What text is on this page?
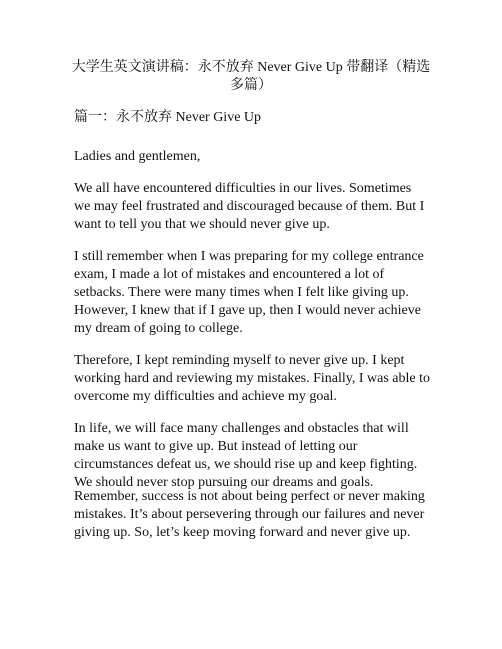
大学生英文演讲稿：永不放弃 Never Give Up 带翻译（精选多篇）
篇一：永不放弃 Never Give Up
Ladies and gentlemen,
We all have encountered difficulties in our lives. Sometimes we may feel frustrated and discouraged because of them. But I want to tell you that we should never give up.
I still remember when I was preparing for my college entrance exam, I made a lot of mistakes and encountered a lot of setbacks. There were many times when I felt like giving up. However, I knew that if I gave up, then I would never achieve my dream of going to college.
Therefore, I kept reminding myself to never give up. I kept working hard and reviewing my mistakes. Finally, I was able to overcome my difficulties and achieve my goal.
In life, we will face many challenges and obstacles that will make us want to give up. But instead of letting our circumstances defeat us, we should rise up and keep fighting. We should never stop pursuing our dreams and goals.
Remember, success is not about being perfect or never making mistakes. It’s about persevering through our failures and never giving up. So, let’s keep moving forward and never give up.
